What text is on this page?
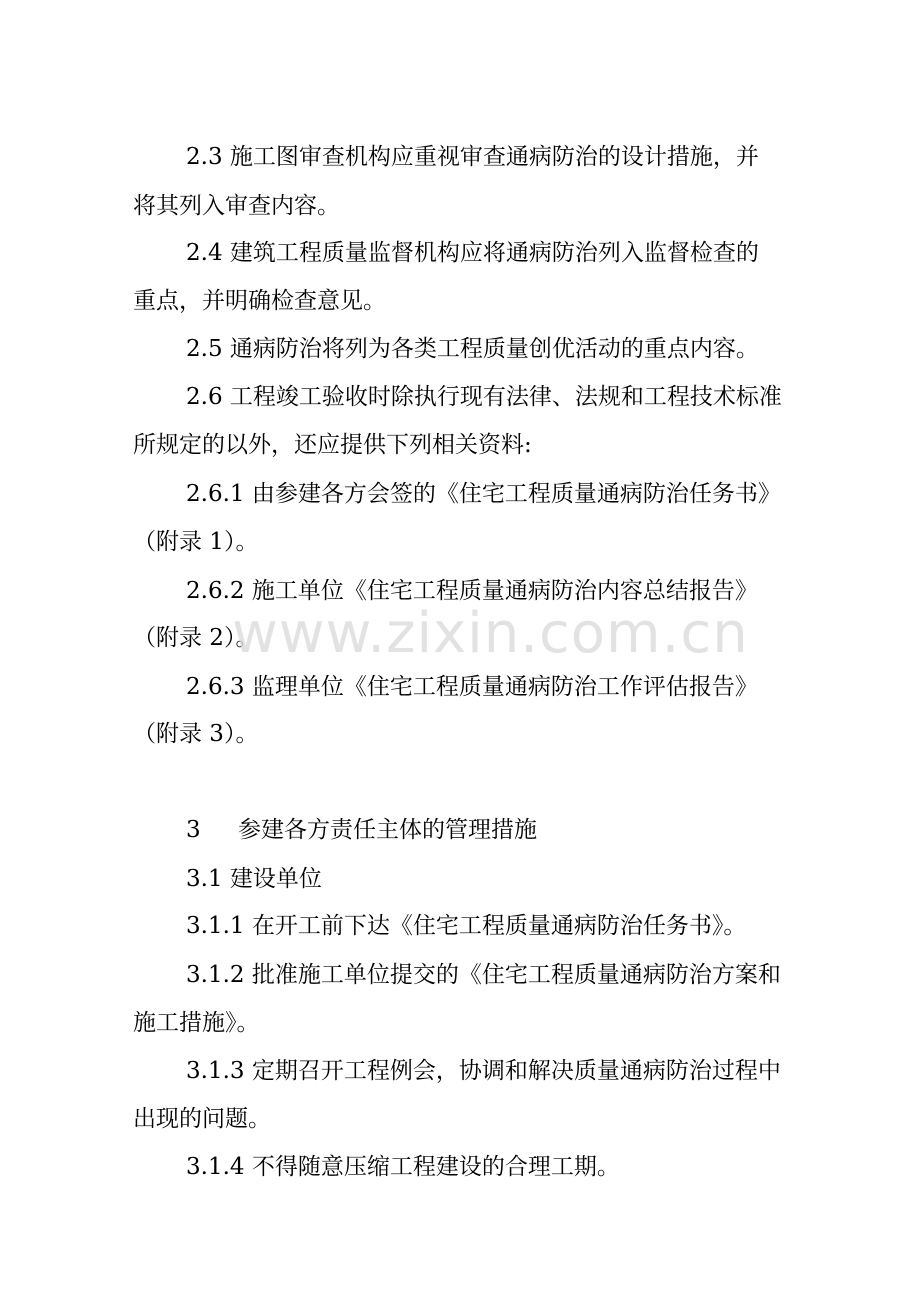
2.3 施工图审查机构应重视审查通病防治的设计措施，并
将其列入审查内容。
2.4 建筑工程质量监督机构应将通病防治列入监督检查的
重点，并明确检查意见。
2.5 通病防治将列为各类工程质量创优活动的重点内容。
2.6 工程竣工验收时除执行现有法律、法规和工程技术标准
所规定的以外，还应提供下列相关资料:
2.6.1 由参建各方会签的《住宅工程质量通病防治任务书》
（附录 1）。
2.6.2 施工单位《住宅工程质量通病防治内容总结报告》
（附录 2）。
2.6.3 监理单位《住宅工程质量通病防治工作评估报告》
（附录 3）。
3 参建各方责任主体的管理措施
3.1 建设单位
3.1.1 在开工前下达《住宅工程质量通病防治任务书》。
3.1.2 批准施工单位提交的《住宅工程质量通病防治方案和
施工措施》。
3.1.3 定期召开工程例会，协调和解决质量通病防治过程中
出现的问题。
3.1.4 不得随意压缩工程建设的合理工期。
www.zixin.com.cn
